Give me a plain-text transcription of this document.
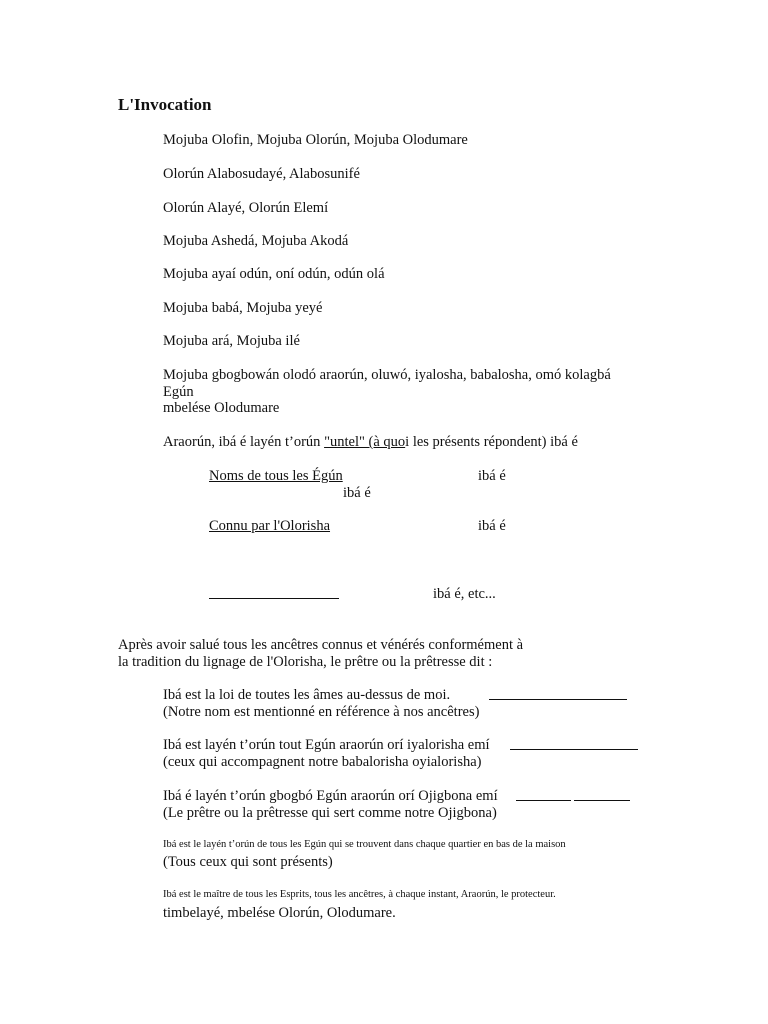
L'Invocation
Mojuba Olofin, Mojuba Olorún, Mojuba Olodumare
Olorún Alabosudayé, Alabosunifé
Olorún Alayé, Olorún Elemí
Mojuba Ashedá, Mojuba Akodá
Mojuba ayaí odún, oní odún, odún olá
Mojuba babá, Mojuba yeyé
Mojuba ará, Mojuba ilé
Mojuba gbogbowán olodó araorún, oluwó, iyalosha, babalosha, omó kolagbá
Egún
mbelése Olodumare
Araorún, ibá é layén t’orún "untel" (à quoi les présents répondent) ibá é
Noms de tous les Égún	ibá é
ibá é
Connu par l'Olorisha	ibá é
ibá é, etc...
Après avoir salué tous les ancêtres connus et vénérés conformément à
la tradition du lignage de l'Olorisha, le prêtre ou la prêtresse dit :
Ibá est la loi de toutes les âmes au-dessus de moi.
(Notre nom est mentionné en référence à nos ancêtres)
Ibá est layén t’orún tout Egún araorún orí iyalorisha emí
(ceux qui accompagnent notre babalorisha oyialorisha)
Ibá é layén t’orún gbogbó Egún araorún orí Ojigbona emí
(Le prêtre ou la prêtresse qui sert comme notre Ojigbona)
Ibá est le layén t’orún de tous les Egún qui se trouvent dans chaque quartier en bas de la maison
(Tous ceux qui sont présents)
Ibá est le maître de tous les Esprits, tous les ancêtres, à chaque instant, Araorún, le protecteur.
timbelayé, mbelése Olorún, Olodumare.
